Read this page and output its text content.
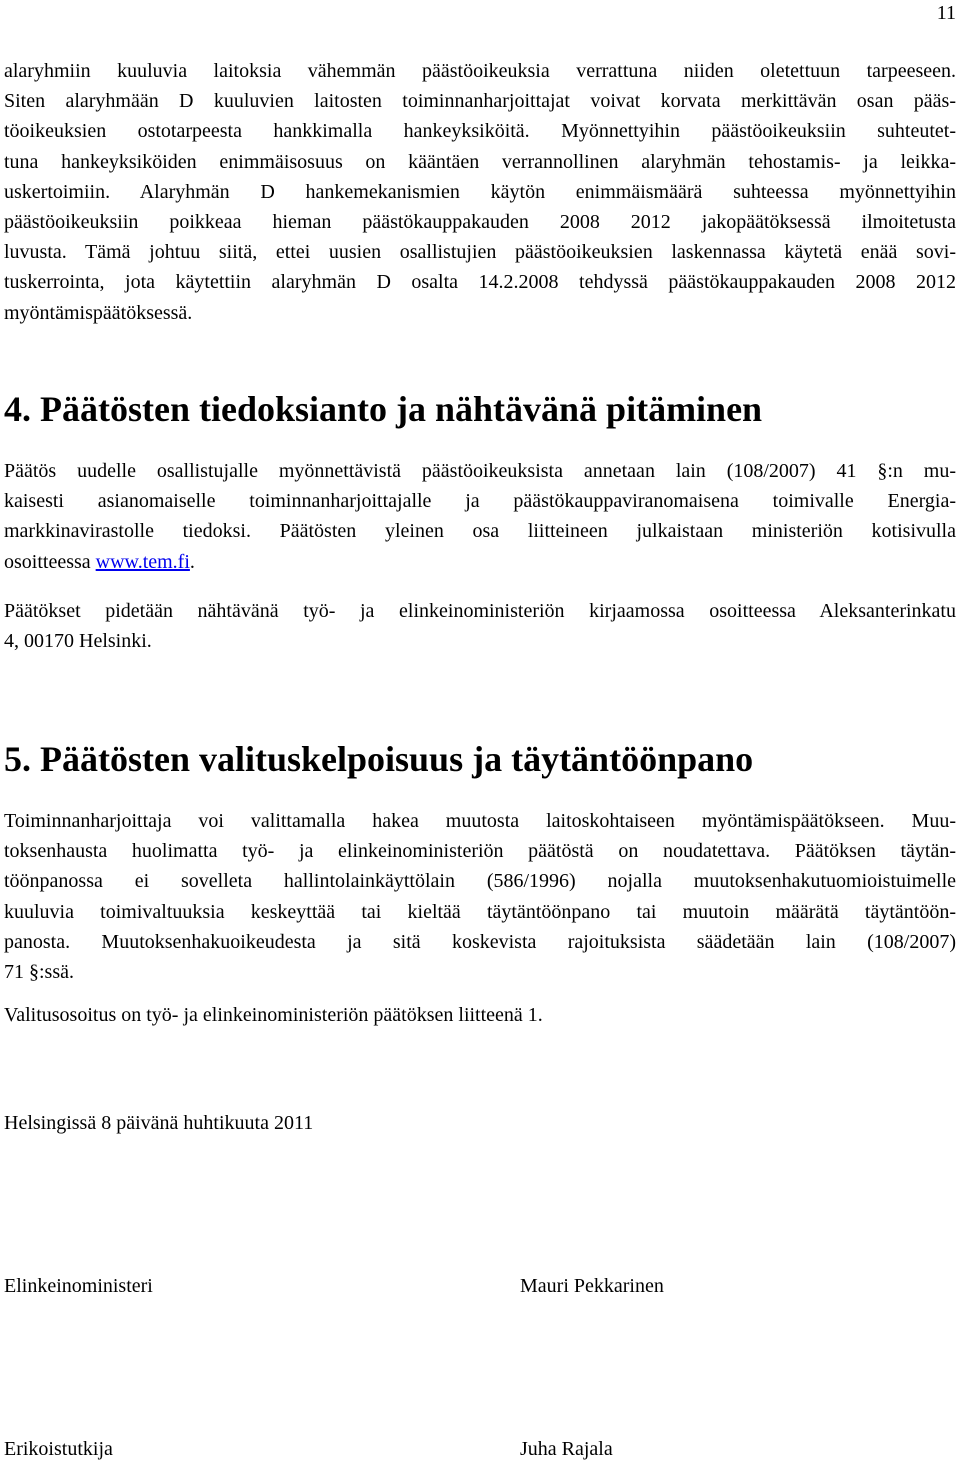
11
alaryhmiin kuuluvia laitoksia vähemmän päästöoikeuksia verrattuna niiden oletettuun tarpeeseen.
Siten alaryhmään D kuuluvien laitosten toiminnanharjoittajat voivat korvata merkittävän osan pääs-
töoikeuksien ostotarpeesta hankkimalla hankeyksiköitä. Myönnettyihin päästöoikeuksiin suhteutet-
tuna hankeyksiköiden enimmäisosuus on kääntäen verrannollinen alaryhmän tehostamis- ja leikka-
uskertoimiin. Alaryhmän D hankemekanismien käytön enimmäismäärä suhteessa myönnettyihin
päästöoikeuksiin poikkeaa hieman päästökauppakauden 2008 2012 jakopäätöksessä ilmoitetusta
luvusta. Tämä johtuu siitä, ettei uusien osallistujien päästöoikeuksien laskennassa käytetä enää sovi-
tuskerrointa, jota käytettiin alaryhmän D osalta 14.2.2008 tehdyssä päästökauppakauden 2008 2012
myöntämispäätöksessä.
4. Päätösten tiedoksianto ja nähtävänä pitäminen
Päätös uudelle osallistujalle myönnettävistä päästöoikeuksista annetaan lain (108/2007) 41 §:n mu-
kaisesti asianomaiselle toiminnanharjoittajalle ja päästökauppaviranomaisena toimivalle Energia-
markkinavirastolle tiedoksi. Päätösten yleinen osa liitteineen julkaistaan ministeriön kotisivulla
osoitteessa www.tem.fi.
Päätökset pidetään nähtävänä työ- ja elinkeinoministeriön kirjaamossa osoitteessa Aleksanterinkatu
4, 00170 Helsinki.
5. Päätösten valituskelpoisuus ja täytäntöönpano
Toiminnanharjoittaja voi valittamalla hakea muutosta laitoskohtaiseen myöntämispäätökseen. Muu-
toksenhausta huolimatta työ- ja elinkeinoministeriön päätöstä on noudatettava. Päätöksen täytän-
töönpanossa ei sovelleta hallintolainkäyttölain (586/1996) nojalla muutoksenhakutuomioistuimelle
kuuluvia toimivaltuuksia keskeyttää tai kieltää täytäntöönpano tai muutoin määrätä täytäntöön-
panosta. Muutoksenhakuoikeudesta ja sitä koskevista rajoituksista säädetään lain (108/2007)
71 §:ssä.
Valitusosoitus on työ- ja elinkeinoministeriön päätöksen liitteenä 1.
Helsingissä 8 päivänä huhtikuuta 2011
Elinkeinoministeri	Mauri Pekkarinen
Erikoistutkija	Juha Rajala
